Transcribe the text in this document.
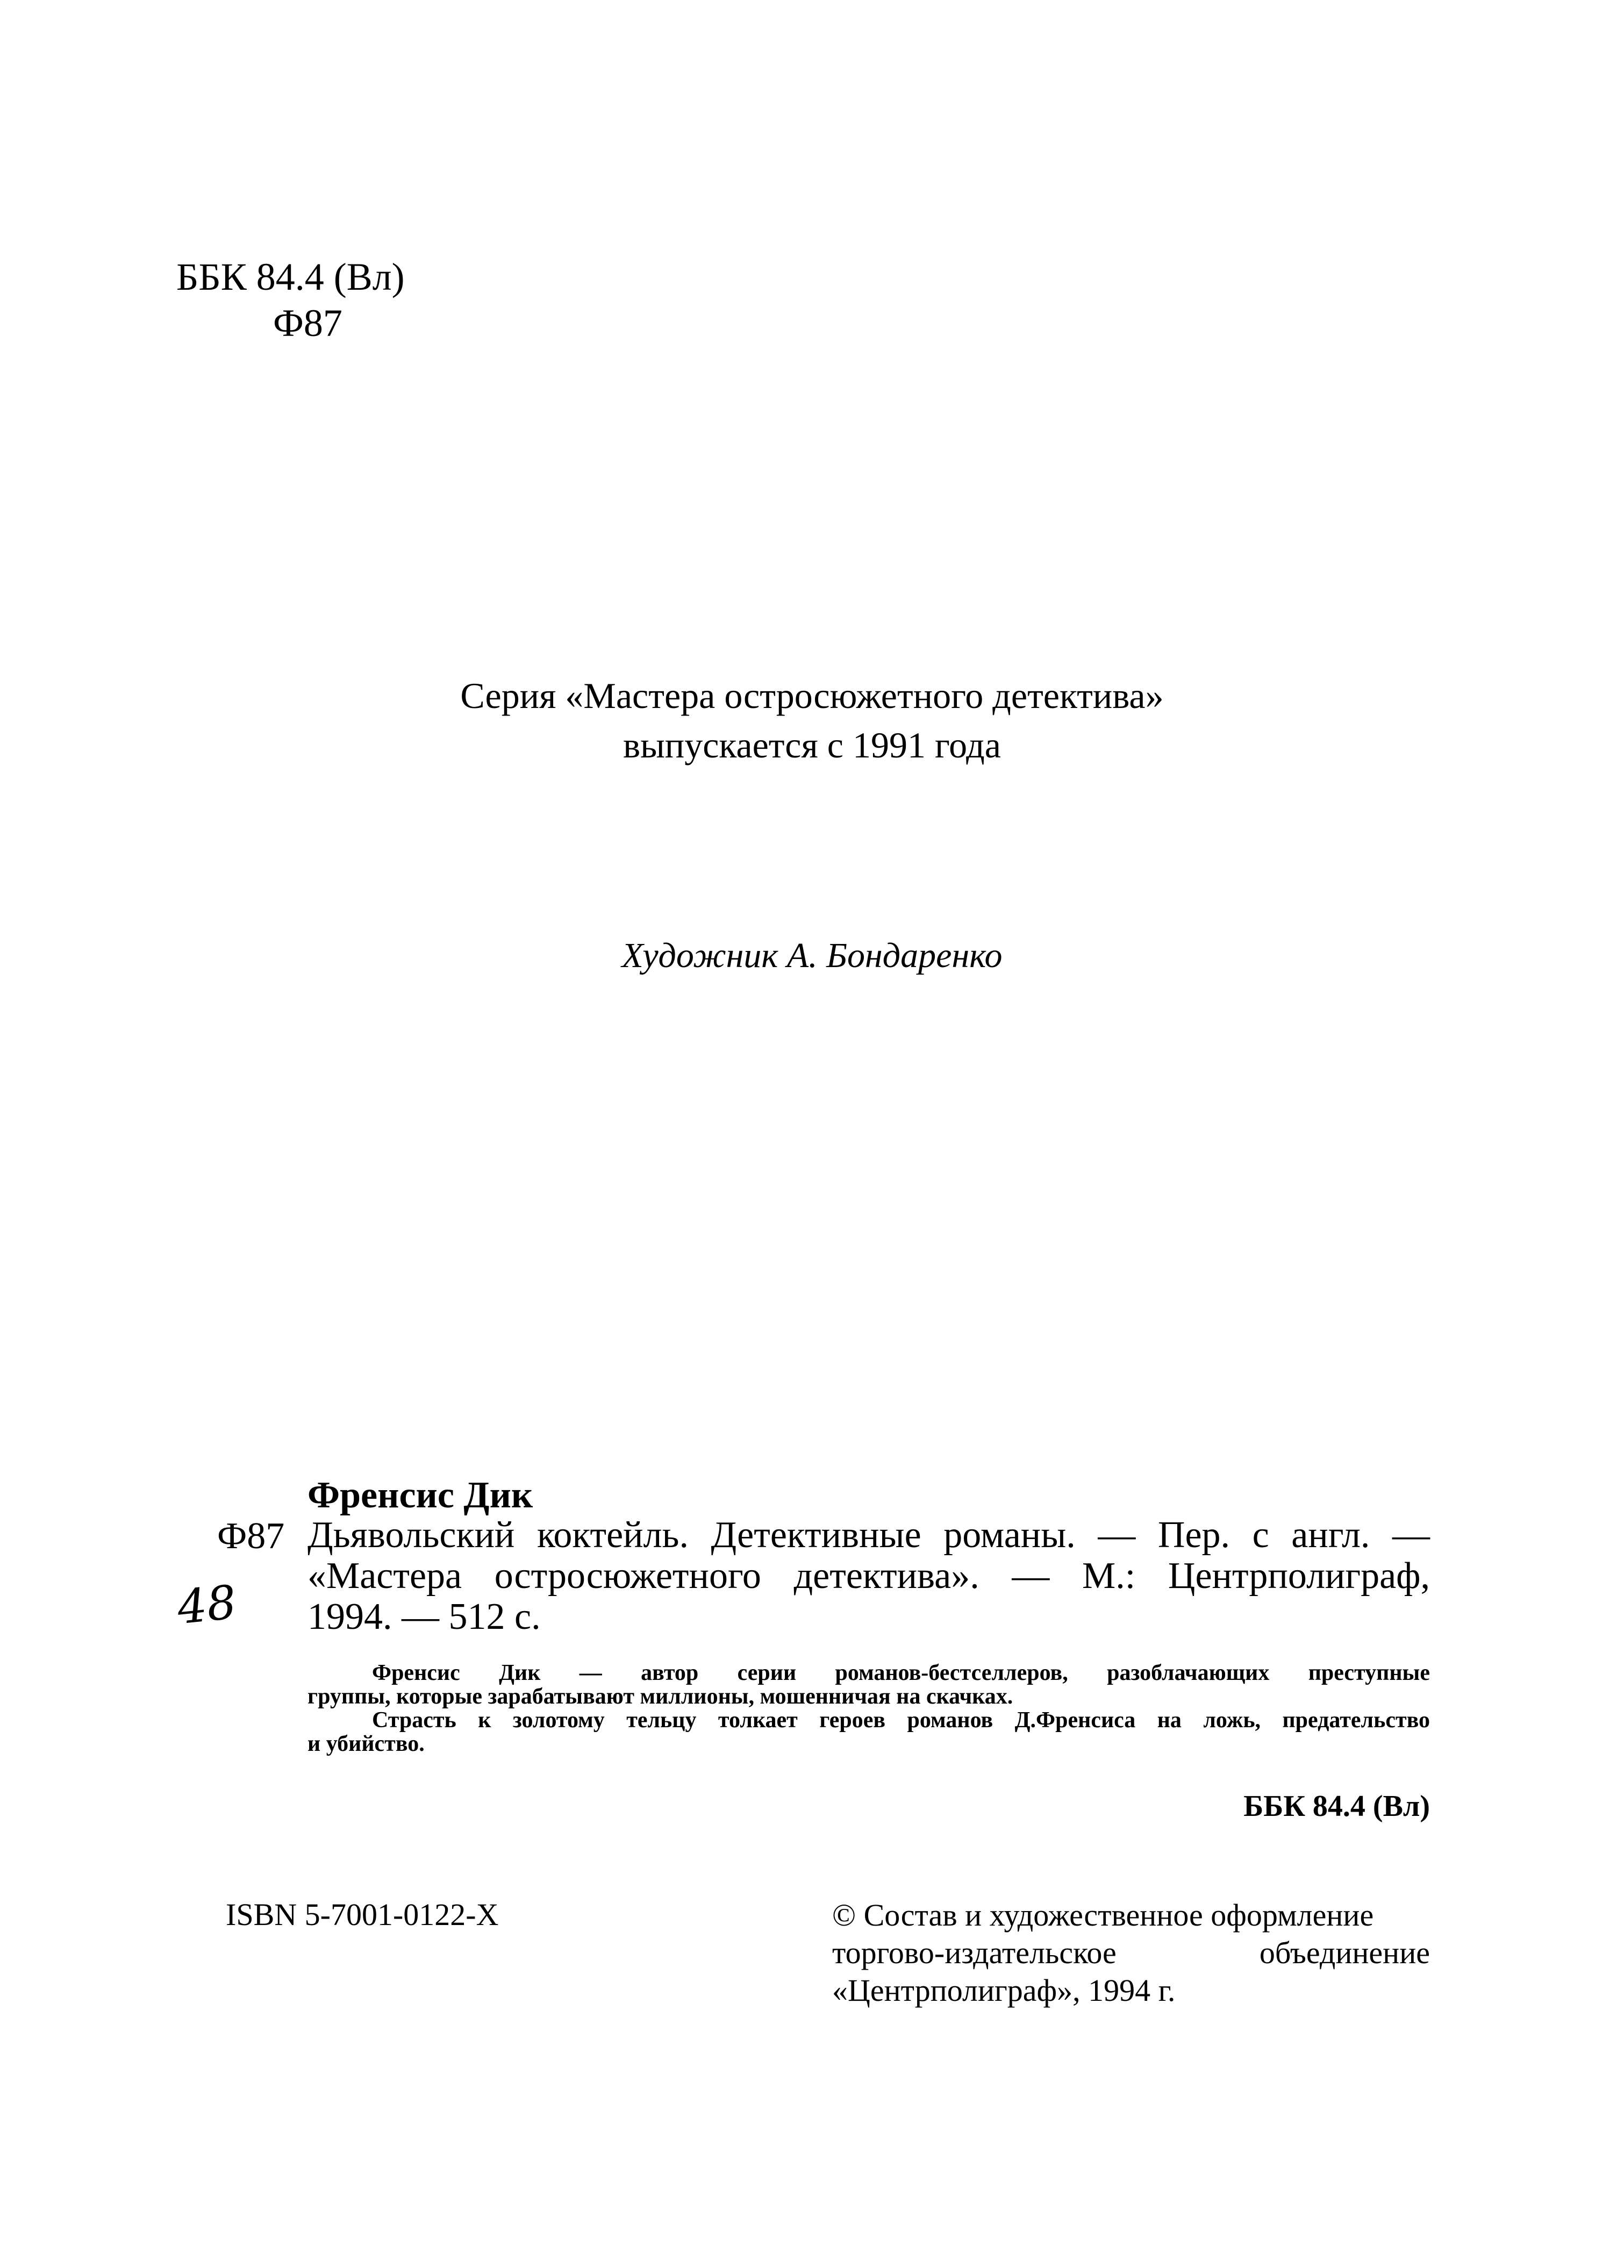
ББК 84.4 (Вл)
Ф87
Серия «Мастера остросюжетного детектива»
выпускается с 1991 года
Художник А. Бондаренко
Френсис Дик
Ф87
48
Дьявольский коктейль. Детективные романы. — Пер. с англ. —
«Мастера остросюжетного детектива». — М.: Центрполиграф,
1994. — 512 с.

Френсис Дик — автор серии романов-бестселлеров, разоблачающих преступные

группы, которые зарабатывают миллионы, мошенничая на скачках.

Страсть к золотому тельцу толкает героев романов Д.Френсиса на ложь, предательство

и убийство.

ББК 84.4 (Вл)
ISBN 5-7001-0122-X	© Состав и художественное оформление
торгово-издательское объединение
«Центрполиграф», 1994 г.
